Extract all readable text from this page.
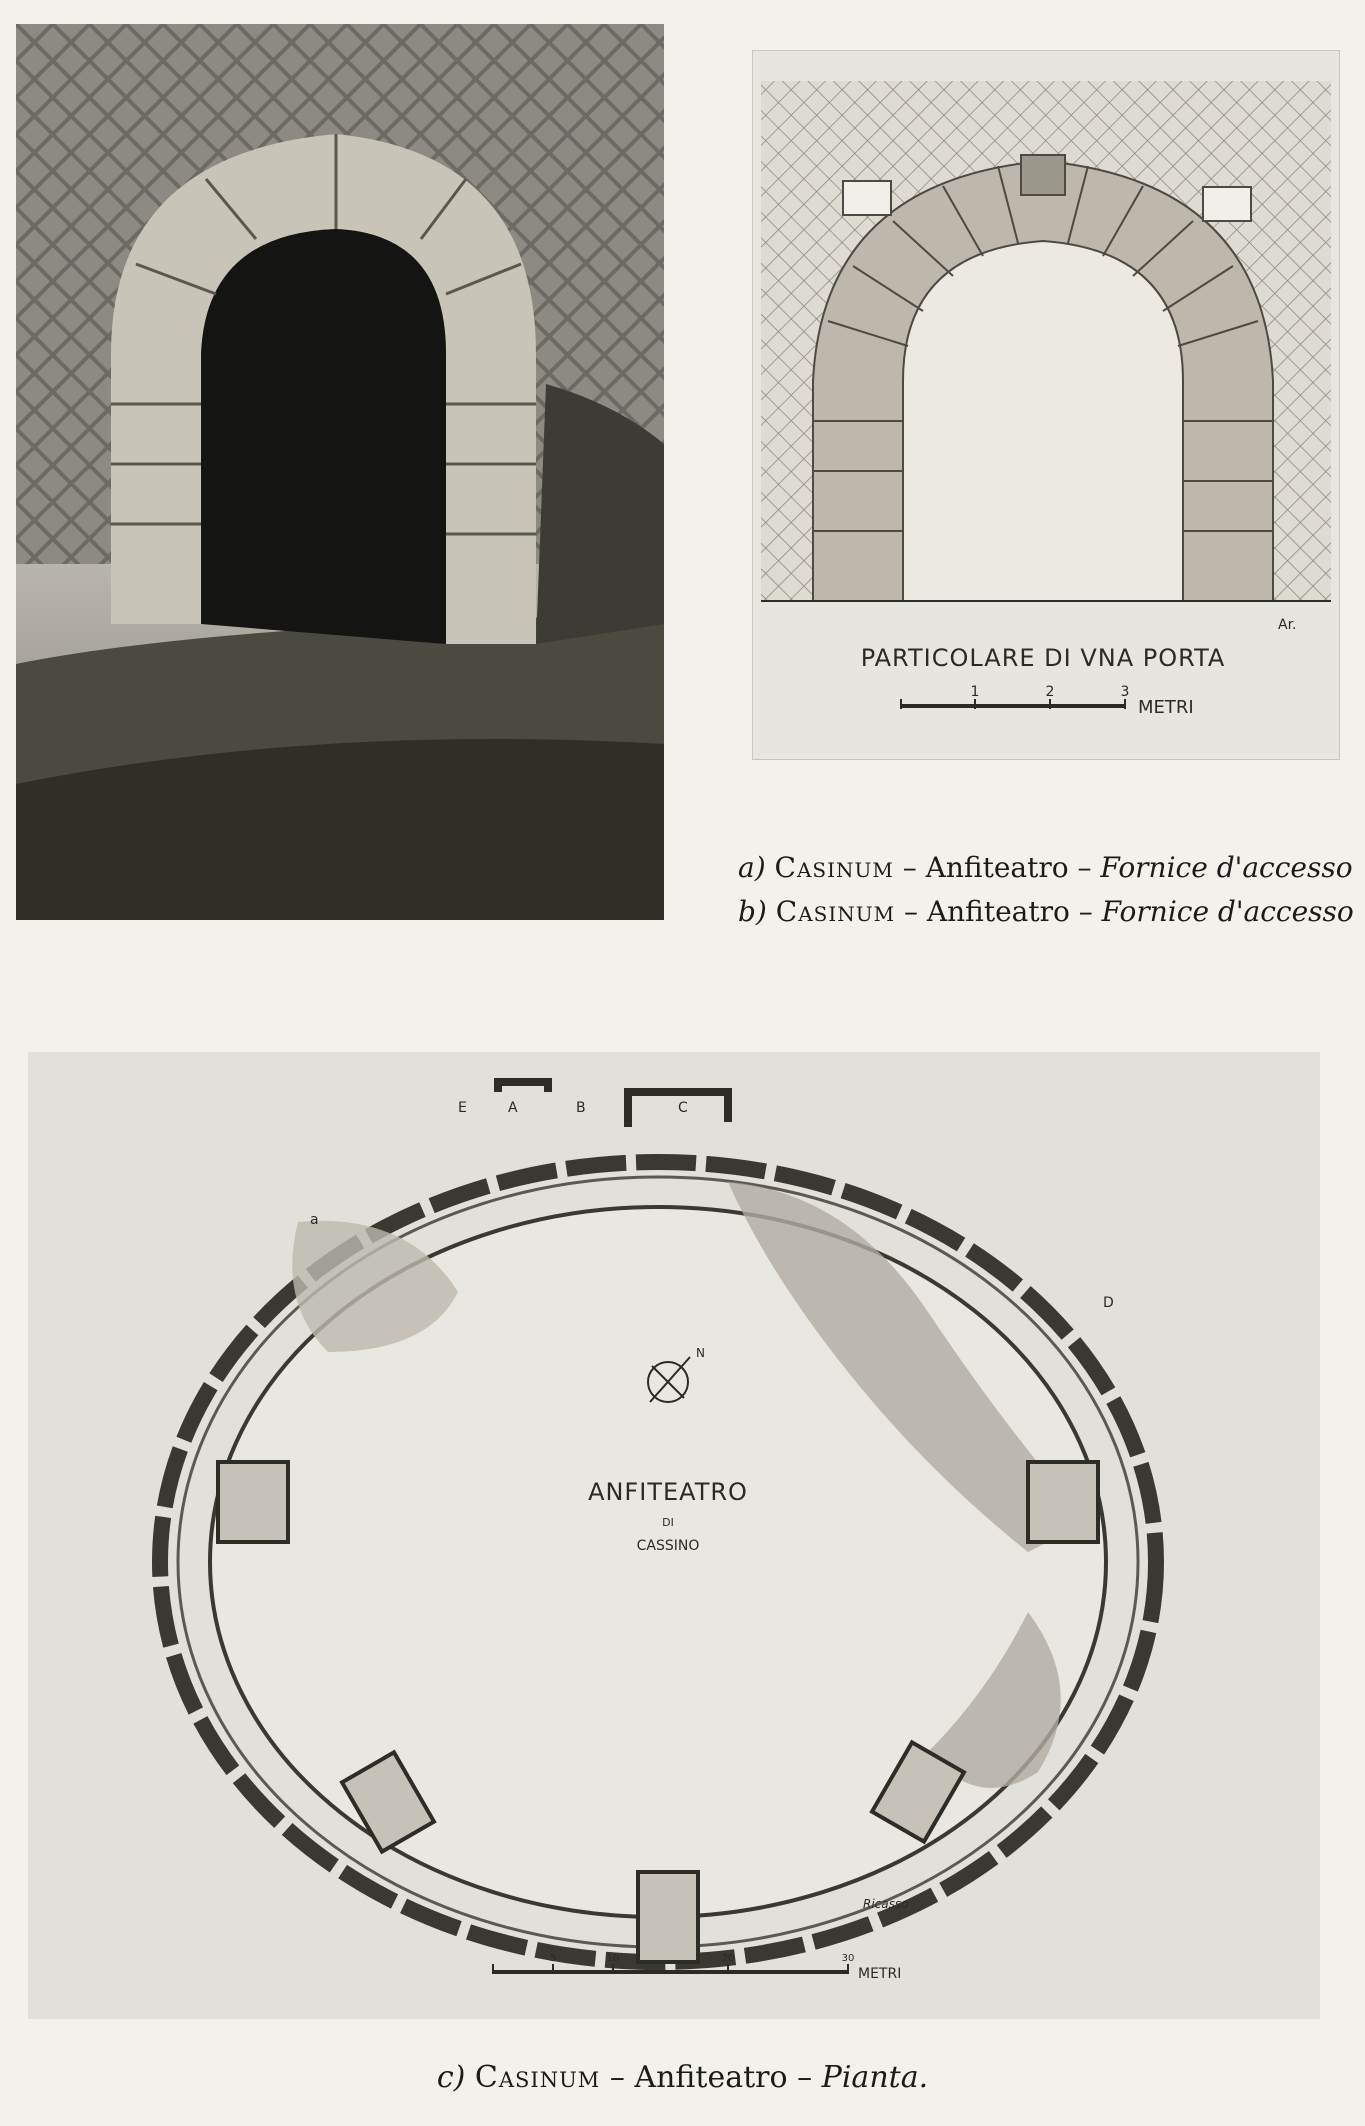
Ar.
PARTICOLARE DI VNA PORTA
1	2	3
METRI
a) Casinum – Anfiteatro – Fornice d'accesso
b) Casinum – Anfiteatro – Fornice d'accesso
E	A	B	C
D
a
N
ANFITEATRO
DI
CASSINO
Ricasso
5	10	20	30
METRI
c) Casinum – Anfiteatro – Pianta.
